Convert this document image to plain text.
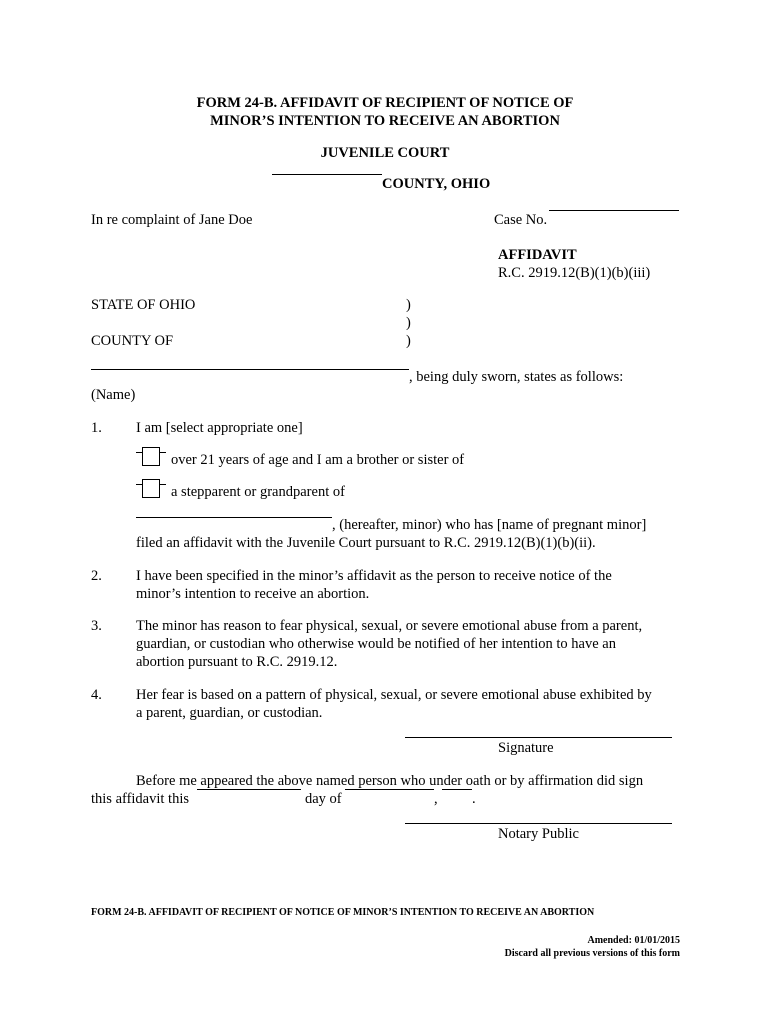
FORM 24-B. AFFIDAVIT OF RECIPIENT OF NOTICE OF
MINOR’S INTENTION TO RECEIVE AN ABORTION
JUVENILE COURT
COUNTY, OHIO
In re complaint of Jane Doe	Case No.
AFFIDAVIT
R.C. 2919.12(B)(1)(b)(iii)
STATE OF OHIO	)
)
COUNTY OF	)
, being duly sworn, states as follows:
(Name)
1. I am [select appropriate one]
over 21 years of age and I am a brother or sister of
a stepparent or grandparent of
, (hereafter, minor) who has [name of pregnant minor]
filed an affidavit with the Juvenile Court pursuant to R.C. 2919.12(B)(1)(b)(ii).
2. I have been specified in the minor’s affidavit as the person to receive notice of the
minor’s intention to receive an abortion.
3. The minor has reason to fear physical, sexual, or severe emotional abuse from a parent,
guardian, or custodian who otherwise would be notified of her intention to have an
abortion pursuant to R.C. 2919.12.
4. Her fear is based on a pattern of physical, sexual, or severe emotional abuse exhibited by
a parent, guardian, or custodian.
Signature
Before me appeared the above named person who under oath or by affirmation did sign
this affidavit this	day of	, .
Notary Public
FORM 24-B. AFFIDAVIT OF RECIPIENT OF NOTICE OF MINOR’S INTENTION TO RECEIVE AN ABORTION
Amended: 01/01/2015
Discard all previous versions of this form
